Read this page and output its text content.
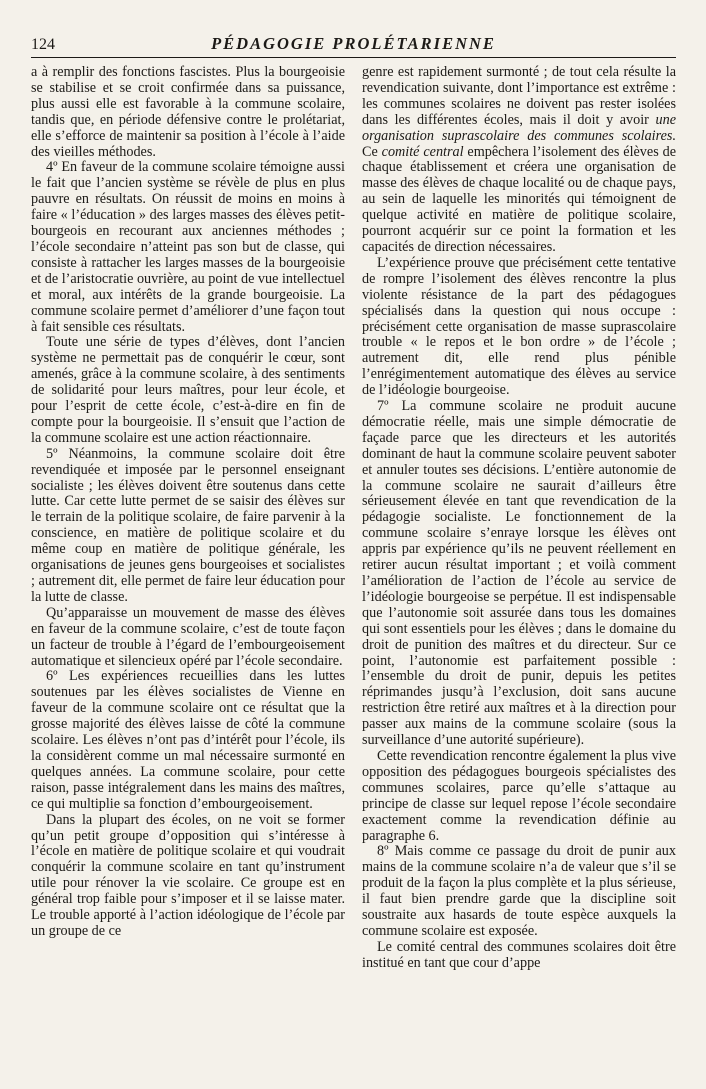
124	PÉDAGOGIE PROLÉTARIENNE

a à remplir des fonctions fascistes. Plus la bourgeoisie se stabilise et se croit confirmée dans sa puissance, plus aussi elle est favorable à la commune scolaire, tandis que, en période défensive contre le prolétariat, elle s’efforce de maintenir sa position à l’école à l’aide des vieilles méthodes.

4º En faveur de la commune scolaire témoigne aussi le fait que l’ancien système se révèle de plus en plus pauvre en résultats. On réussit de moins en moins à faire « l’éducation » des larges masses des élèves petit-bourgeois en recourant aux anciennes méthodes ; l’école secondaire n’atteint pas son but de classe, qui consiste à rattacher les larges masses de la bourgeoisie et de l’aristocratie ouvrière, au point de vue intellectuel et moral, aux intérêts de la grande bourgeoisie. La commune scolaire permet d’améliorer d’une façon tout à fait sensible ces résultats.

Toute une série de types d’élèves, dont l’ancien système ne permettait pas de conquérir le cœur, sont amenés, grâce à la commune scolaire, à des sentiments de solidarité pour leurs maîtres, pour leur école, et pour l’esprit de cette école, c’est-à-dire en fin de compte pour la bourgeoisie. Il s’ensuit que l’action de la commune scolaire est une action réactionnaire.

5º Néanmoins, la commune scolaire doit être revendiquée et imposée par le personnel enseignant socialiste ; les élèves doivent être soutenus dans cette lutte. Car cette lutte permet de se saisir des élèves sur le terrain de la politique scolaire, de faire parvenir à la conscience, en matière de politique scolaire et du même coup en matière de politique générale, les organisations de jeunes gens bourgeoises et socialistes ; autrement dit, elle permet de faire leur éducation pour la lutte de classe.

Qu’apparaisse un mouvement de masse des élèves en faveur de la commune scolaire, c’est de toute façon un facteur de trouble à l’égard de l’embourgeoisement automatique et silencieux opéré par l’école secondaire.

6º Les expériences recueillies dans les luttes soutenues par les élèves socialistes de Vienne en faveur de la commune scolaire ont ce résultat que la grosse majorité des élèves laisse de côté la commune scolaire. Les élèves n’ont pas d’intérêt pour l’école, ils la considèrent comme un mal nécessaire surmonté en quelques années. La commune scolaire, pour cette raison, passe intégralement dans les mains des maîtres, ce qui multiplie sa fonction d’embourgeoisement.

Dans la plupart des écoles, on ne voit se former qu’un petit groupe d’opposition qui s’intéresse à l’école en matière de politique scolaire et qui voudrait conquérir la commune scolaire en tant qu’instrument utile pour rénover la vie scolaire. Ce groupe est en général trop faible pour s’imposer et il se laisse mater. Le trouble apporté à l’action idéologique de l’école par un groupe de ce

genre est rapidement surmonté ; de tout cela résulte la revendication suivante, dont l’importance est extrême : les communes scolaires ne doivent pas rester isolées dans les différentes écoles, mais il doit y avoir une organisation suprascolaire des communes scolaires. Ce comité central empêchera l’isolement des élèves de chaque établissement et créera une organisation de masse des élèves de chaque localité ou de chaque pays, au sein de laquelle les minorités qui témoignent de quelque activité en matière de politique scolaire, pourront acquérir sur ce point la formation et les capacités de direction nécessaires.

L’expérience prouve que précisément cette tentative de rompre l’isolement des élèves rencontre la plus violente résistance de la part des pédagogues spécialisés dans la question qui nous occupe : précisément cette organisation de masse suprascolaire trouble « le repos et le bon ordre » de l’école ; autrement dit, elle rend plus pénible l’enrégimentement automatique des élèves au service de l’idéologie bourgeoise.

7º La commune scolaire ne produit aucune démocratie réelle, mais une simple démocratie de façade parce que les directeurs et les autorités dominant de haut la commune scolaire peuvent saboter et annuler toutes ses décisions. L’entière autonomie de la commune scolaire ne saurait d’ailleurs être sérieusement élevée en tant que revendication de la pédagogie socialiste. Le fonctionnement de la commune scolaire s’enraye lorsque les élèves ont appris par expérience qu’ils ne peuvent réellement en retirer aucun résultat important ; et voilà comment l’amélioration de l’action de l’école au service de l’idéologie bourgeoise se perpétue. Il est indispensable que l’autonomie soit assurée dans tous les domaines qui sont essentiels pour les élèves ; dans le domaine du droit de punition des maîtres et du directeur. Sur ce point, l’autonomie est parfaitement possible : l’ensemble du droit de punir, depuis les petites réprimandes jusqu’à l’exclusion, doit sans aucune restriction être retiré aux maîtres et à la direction pour passer aux mains de la commune scolaire (sous la surveillance d’une autorité supérieure).

Cette revendication rencontre également la plus vive opposition des pédagogues bourgeois spécialistes des communes scolaires, parce qu’elle s’attaque au principe de classe sur lequel repose l’école secondaire exactement comme la revendication définie au paragraphe 6.

8º Mais comme ce passage du droit de punir aux mains de la commune scolaire n’a de valeur que s’il se produit de la façon la plus complète et la plus sérieuse, il faut bien prendre garde que la discipline soit soustraite aux hasards de toute espèce auxquels la commune scolaire est exposée.

Le comité central des communes scolaires doit être institué en tant que cour d’appe
